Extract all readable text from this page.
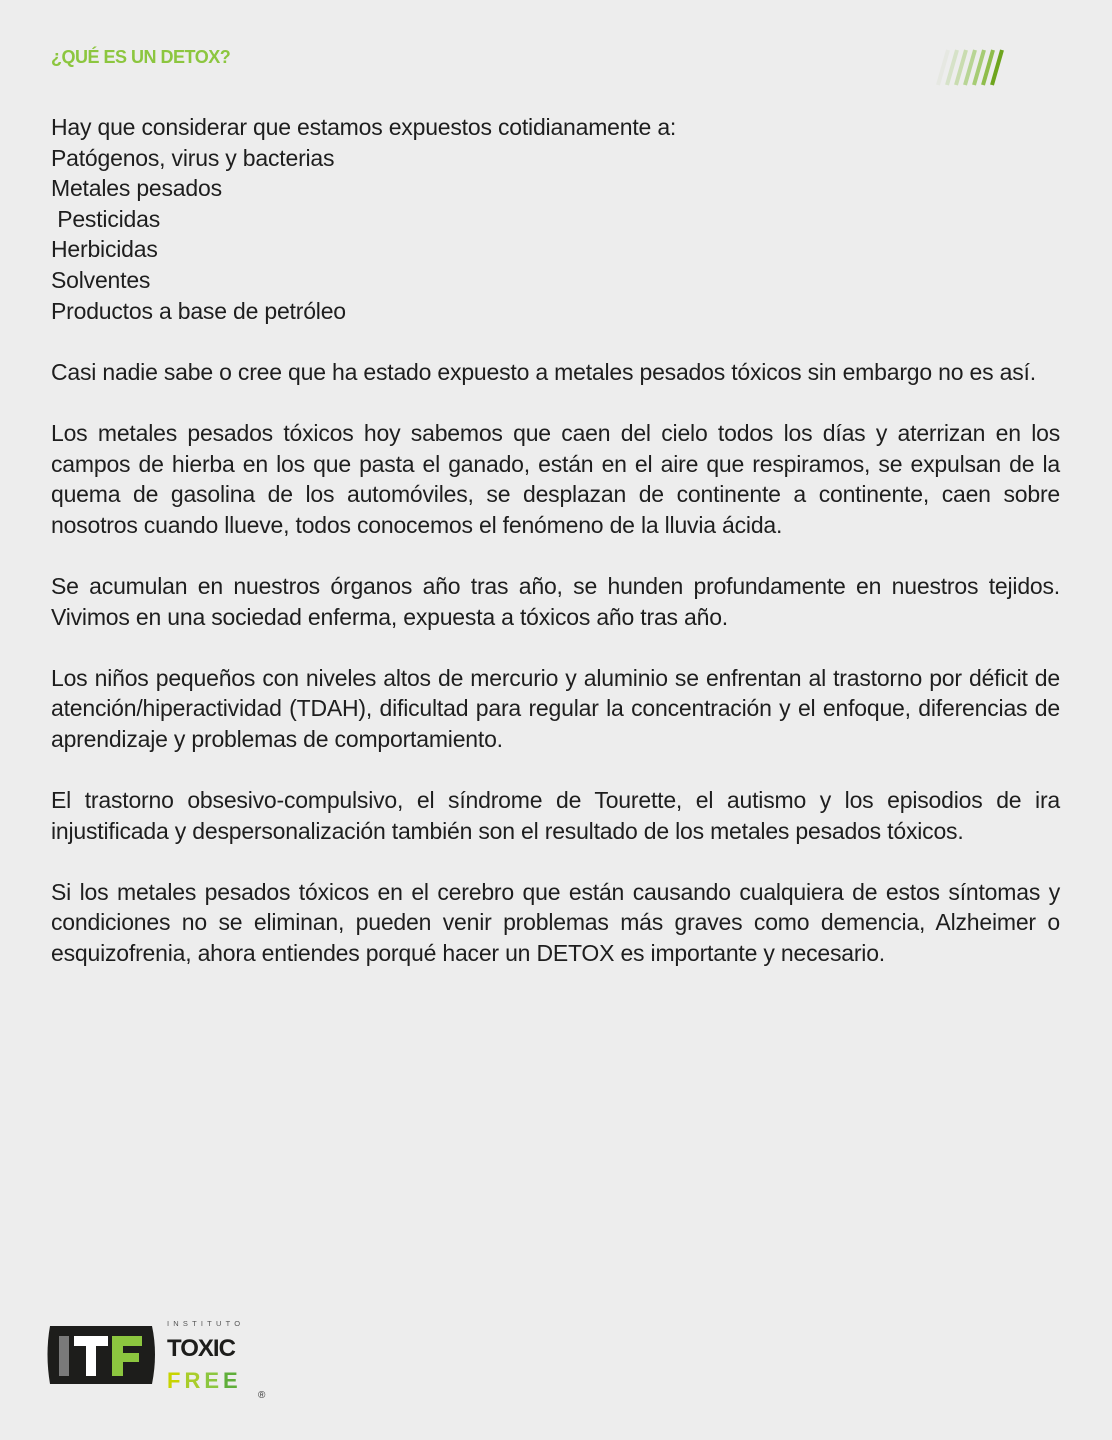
¿QUÉ ES UN DETOX?

Hay que considerar que estamos expuestos cotidianamente a:
Patógenos, virus y bacterias
Metales pesados
Pesticidas
Herbicidas
Solventes
Productos a base de petróleo

Casi nadie sabe o cree que ha estado expuesto a metales pesados tóxicos sin embargo no es así.

Los metales pesados tóxicos hoy sabemos que caen del cielo todos los días y aterrizan en los campos de hierba en los que pasta el ganado, están en el aire que respiramos, se expulsan de la quema de gasolina de los automóviles, se desplazan de continente a continente, caen sobre nosotros cuando llueve, todos conocemos el fenómeno de la lluvia ácida.

Se acumulan en nuestros órganos año tras año, se hunden profundamente en nuestros tejidos. Vivimos en una sociedad enferma, expuesta a tóxicos año tras año.

Los niños pequeños con niveles altos de mercurio y aluminio se enfrentan al trastorno por déficit de atención/hiperactividad (TDAH), dificultad para regular la concentración y el enfoque, diferencias de aprendizaje y problemas de comportamiento.

El trastorno obsesivo-compulsivo, el síndrome de Tourette, el autismo y los episodios de ira injustificada y despersonalización también son el resultado de los metales pesados tóxicos.

Si los metales pesados tóxicos en el cerebro que están causando cualquiera de estos síntomas y condiciones no se eliminan, pueden venir problemas más graves como demencia, Alzheimer o esquizofrenia, ahora entiendes porqué hacer un DETOX es importante y necesario.

INSTITUTO
TOXIC
FREE
®
